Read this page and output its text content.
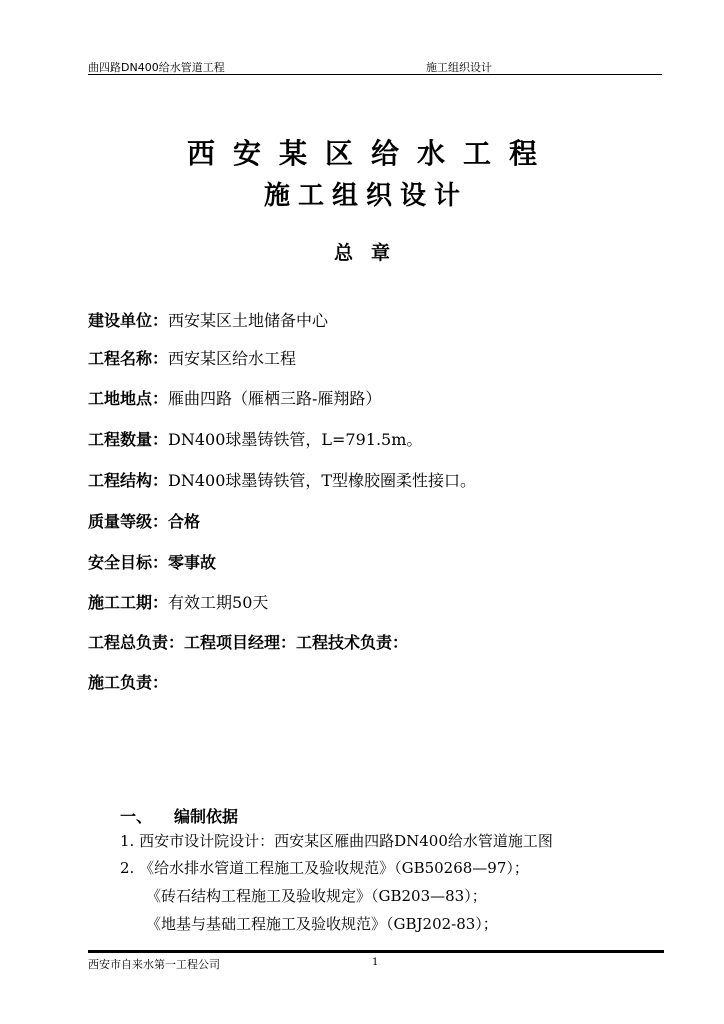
曲四路DN400给水管道工程	施工组织设计
西安某区给水工程
施工组织设计
总章
建设单位：西安某区土地储备中心
工程名称：西安某区给水工程
工地地点：雁曲四路（雁栖三路-雁翔路）
工程数量：DN400球墨铸铁管，L=791.5m。
工程结构：DN400球墨铸铁管，T型橡胶圈柔性接口。
质量等级：合格
安全目标：零事故
施工工期：有效工期50天
工程总负责：工程项目经理：工程技术负责：
施工负责：
一、 编制依据
1. 西安市设计院设计：西安某区雁曲四路DN400给水管道施工图
2. 《给水排水管道工程施工及验收规范》（GB50268—97）；
《砖石结构工程施工及验收规定》（GB203—83）；
《地基与基础工程施工及验收规范》（GBJ202-83）；
西安市自来水第一工程公司	1
